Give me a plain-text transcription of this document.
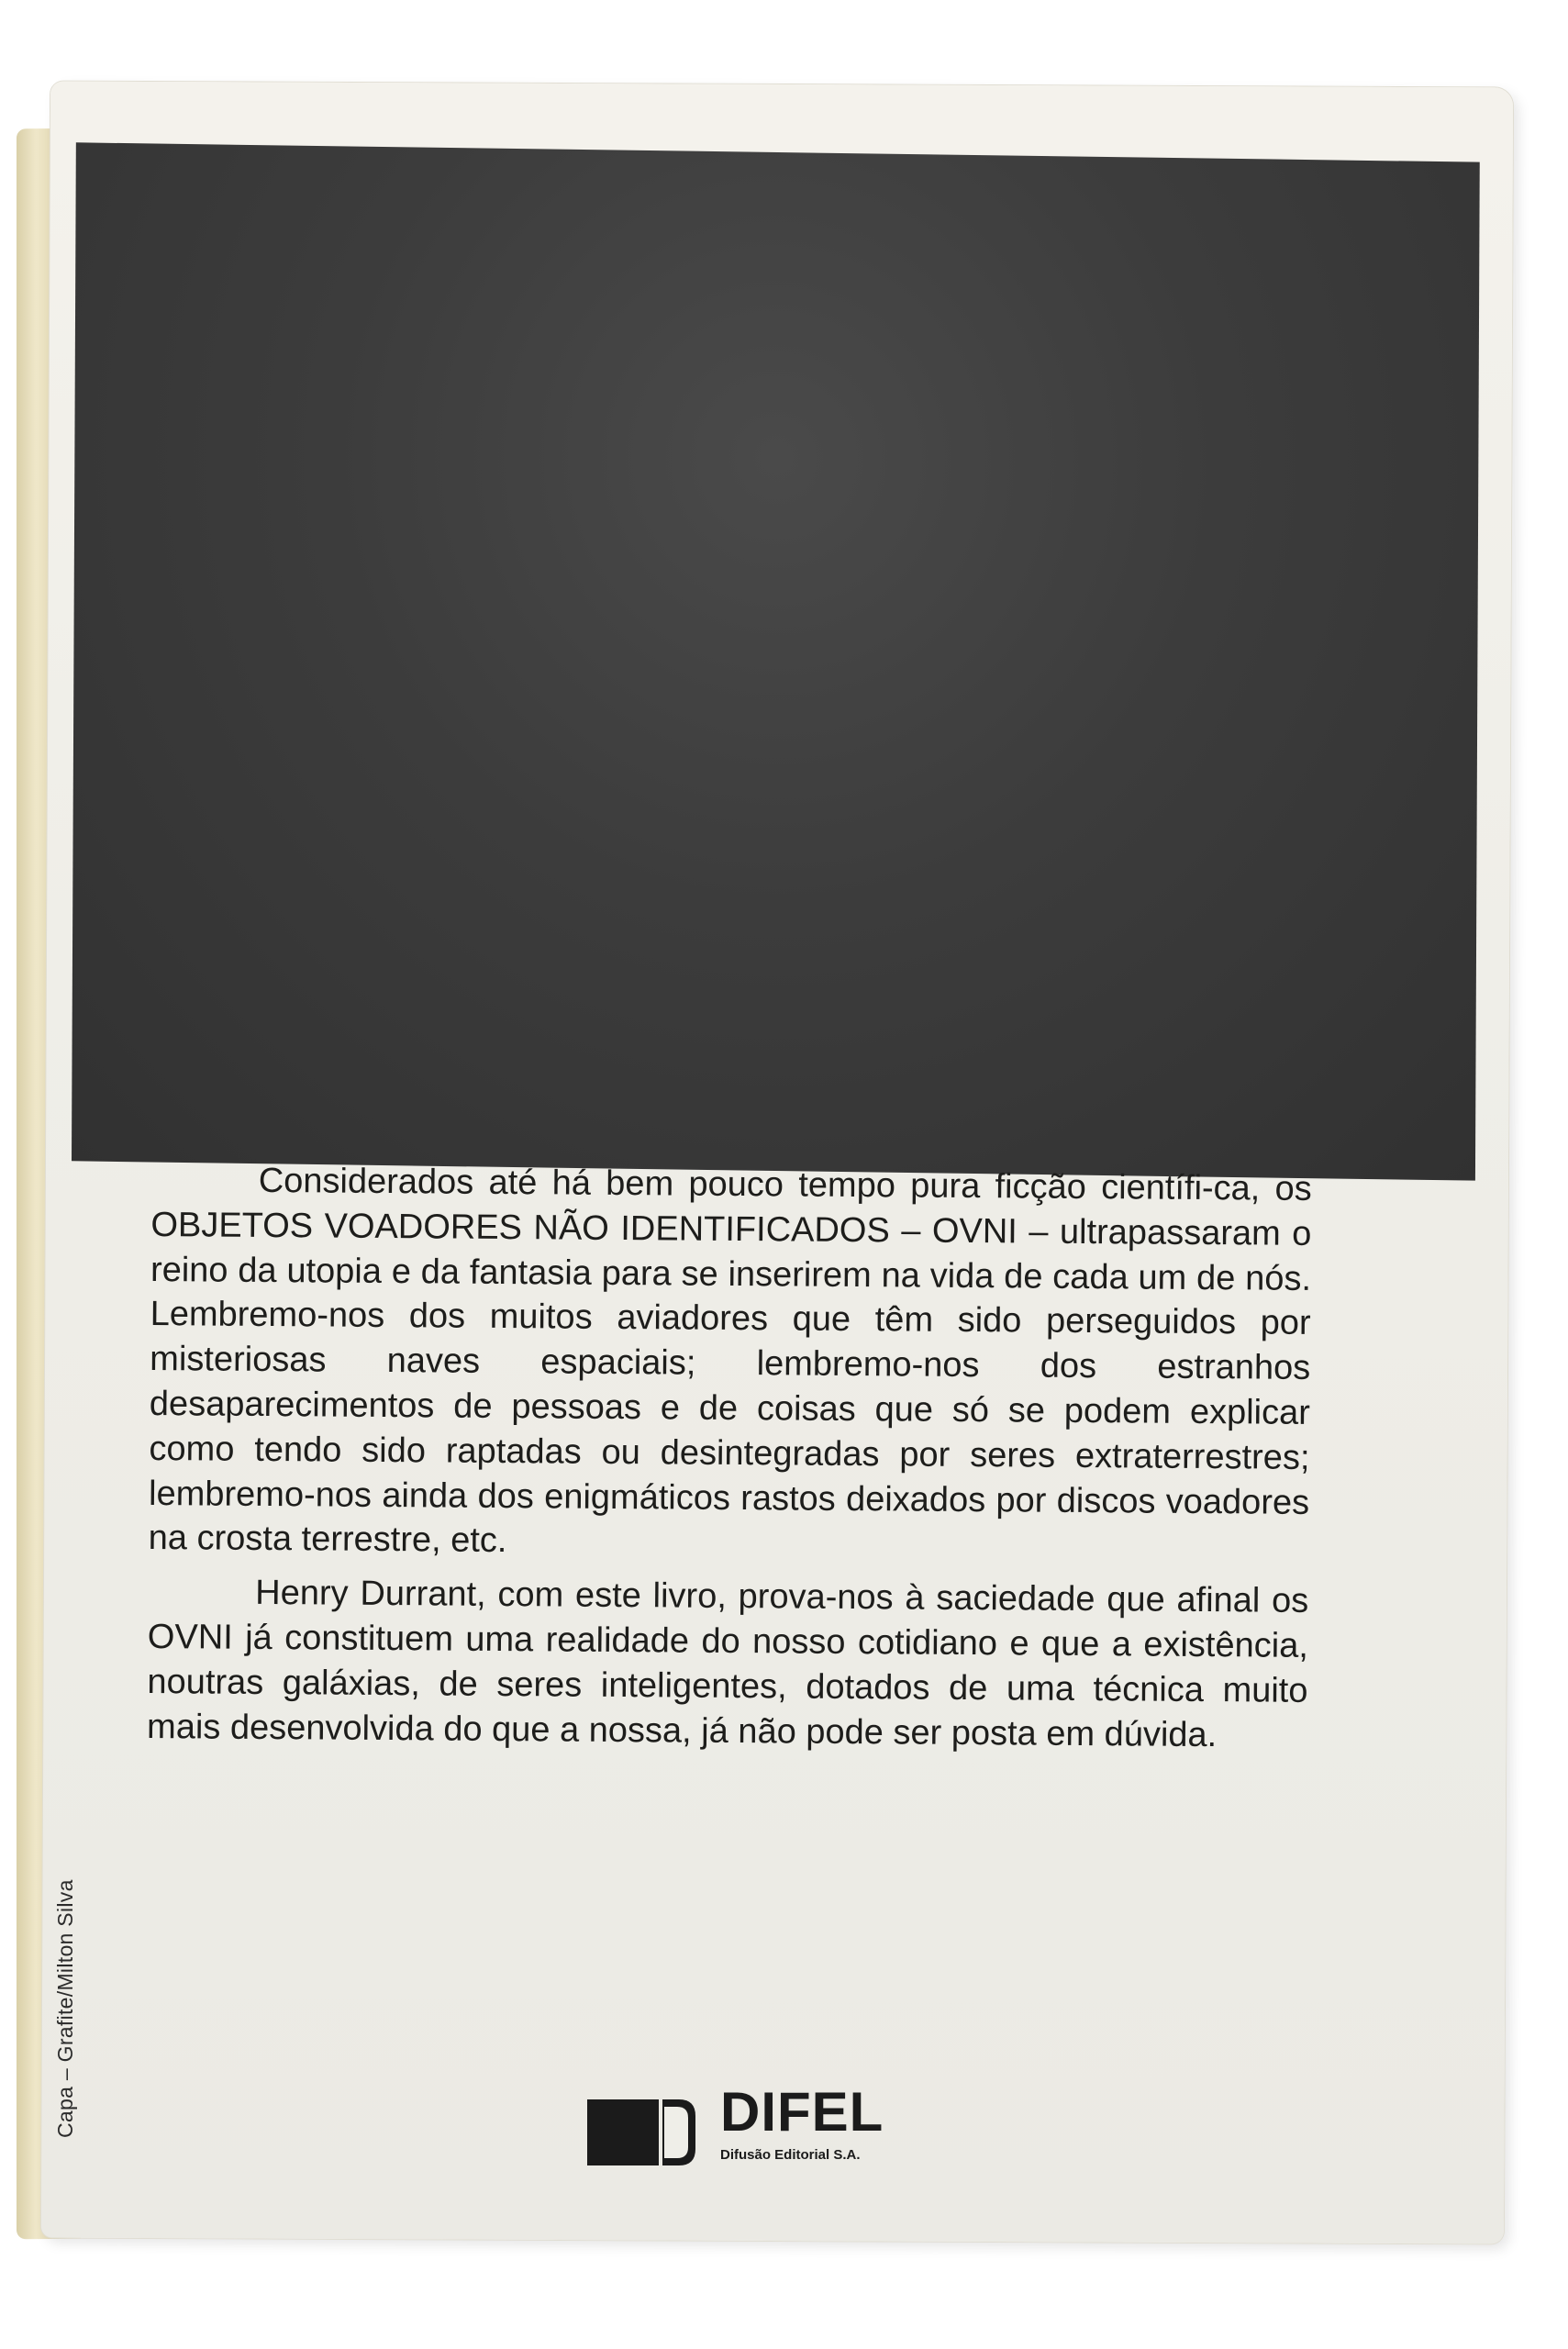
Considerados até há bem pouco tempo pura ficção científi-ca, os OBJETOS VOADORES NÃO IDENTIFICADOS – OVNI – ultrapassaram o reino da utopia e da fantasia para se inserirem na vida de cada um de nós. Lembremo-nos dos muitos aviadores que têm sido perseguidos por misteriosas naves espaciais; lembremo-nos dos estranhos desaparecimentos de pessoas e de coisas que só se podem explicar como tendo sido raptadas ou desintegradas por seres extraterrestres; lembremo-nos ainda dos enigmáticos rastos deixados por discos voadores na crosta terrestre, etc.

Henry Durrant, com este livro, prova-nos à saciedade que afinal os OVNI já constituem uma realidade do nosso cotidiano e que a existência, noutras galáxias, de seres inteligentes, dotados de uma técnica muito mais desenvolvida do que a nossa, já não pode ser posta em dúvida.

Capa – Grafite/Milton Silva	DIFEL
Difusão Editorial S.A.
